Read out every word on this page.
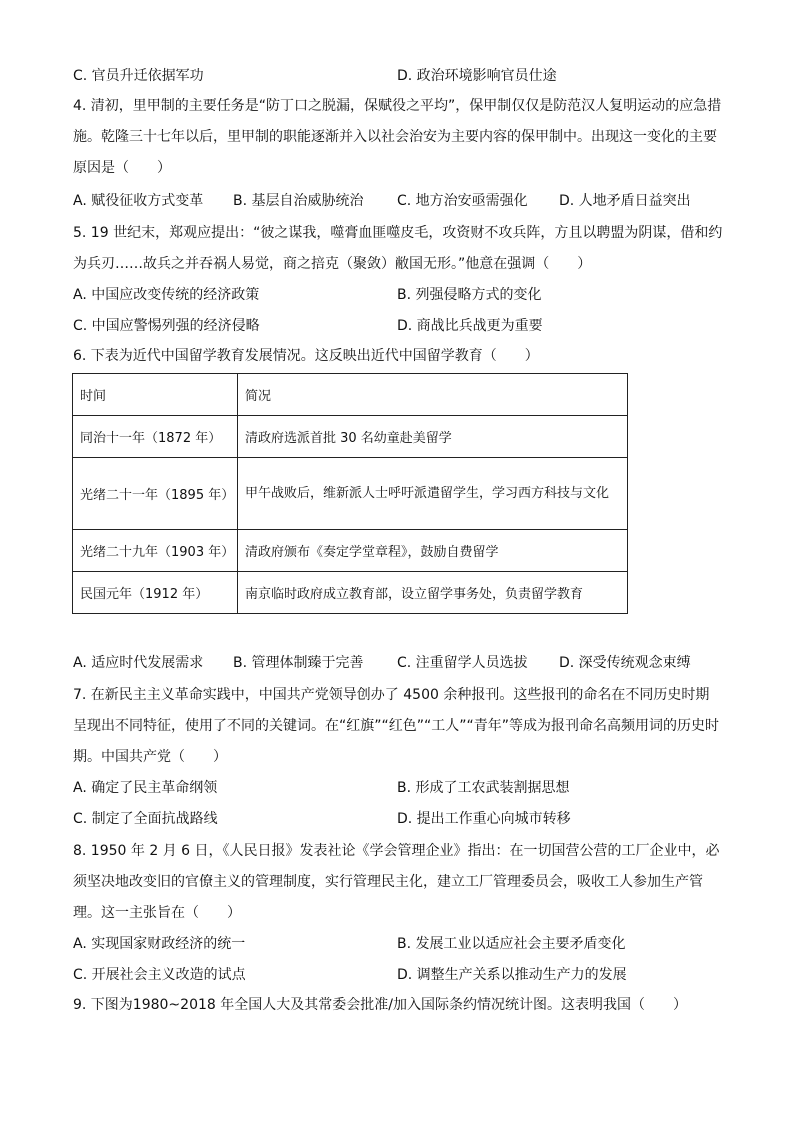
C. 官员升迁依据军功	D. 政治环境影响官员仕途
4. 清初，里甲制的主要任务是“防丁口之脱漏，保赋役之平均”，保甲制仅仅是防范汉人复明运动的应急措施。乾隆三十七年以后，里甲制的职能逐渐并入以社会治安为主要内容的保甲制中。出现这一变化的主要原因是（　　）
A. 赋役征收方式变革 B. 基层自治威胁统治 C. 地方治安亟需强化 D. 人地矛盾日益突出
5. 19 世纪末，郑观应提出：“彼之谋我，噬膏血匪噬皮毛，攻资财不攻兵阵，方且以聘盟为阴谋，借和约为兵刃……故兵之并吞祸人易觉，商之掊克（聚敛）敝国无形。”他意在强调（　　）
A. 中国应改变传统的经济政策	B. 列强侵略方式的变化
C. 中国应警惕列强的经济侵略	D. 商战比兵战更为重要
6. 下表为近代中国留学教育发展情况。这反映出近代中国留学教育（　　）
时间	简况
同治十一年（1872 年）	清政府选派首批 30 名幼童赴美留学
光绪二十一年（1895 年）	甲午战败后，维新派人士呼吁派遣留学生，学习西方科技与文化
光绪二十九年（1903 年）	清政府颁布《奏定学堂章程》，鼓励自费留学
民国元年（1912 年）	南京临时政府成立教育部，设立留学事务处，负责留学教育
A. 适应时代发展需求 B. 管理体制臻于完善 C. 注重留学人员选拔 D. 深受传统观念束缚
7. 在新民主主义革命实践中，中国共产党领导创办了 4500 余种报刊。这些报刊的命名在不同历史时期呈现出不同特征，使用了不同的关键词。在“红旗”“红色”“工人”“青年”等成为报刊命名高频用词的历史时期。中国共产党（　　）
A. 确定了民主革命纲领	B. 形成了工农武装割据思想
C. 制定了全面抗战路线	D. 提出工作重心向城市转移
8. 1950 年 2 月 6 日，《人民日报》发表社论《学会管理企业》指出：在一切国营公营的工厂企业中，必须坚决地改变旧的官僚主义的管理制度，实行管理民主化，建立工厂管理委员会，吸收工人参加生产管理。这一主张旨在（　　）
A. 实现国家财政经济的统一	B. 发展工业以适应社会主要矛盾变化
C. 开展社会主义改造的试点	D. 调整生产关系以推动生产力的发展
9. 下图为1980~2018 年全国人大及其常委会批准/加入国际条约情况统计图。这表明我国（　　）
